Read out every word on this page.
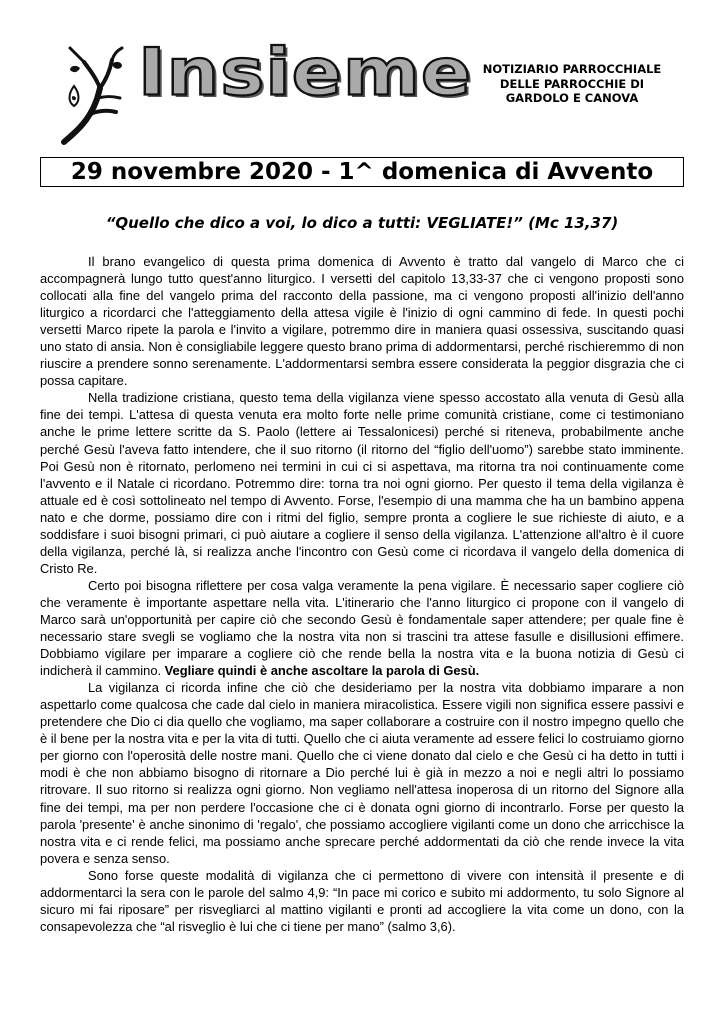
Insieme NOTIZIARIO PARROCCHIALE
DELLE PARROCCHIE DI
GARDOLO E CANOVA
29 novembre 2020 - 1^ domenica di Avvento
“Quello che dico a voi, lo dico a tutti: VEGLIATE!” (Mc 13,37)

Il brano evangelico di questa prima domenica di Avvento è tratto dal vangelo di Marco che ci accompagnerà lungo tutto quest'anno liturgico. I versetti del capitolo 13,33-37 che ci vengono proposti sono collocati alla fine del vangelo prima del racconto della passione, ma ci vengono proposti all'inizio dell'anno liturgico a ricordarci che l'atteggiamento della attesa vigile è l'inizio di ogni cammino di fede. In questi pochi versetti Marco ripete la parola e l'invito a vigilare, potremmo dire in maniera quasi ossessiva, suscitando quasi uno stato di ansia. Non è consigliabile leggere questo brano prima di addormentarsi, perché rischieremmo di non riuscire a prendere sonno serenamente. L'addormentarsi sembra essere considerata la peggior disgrazia che ci possa capitare.

Nella tradizione cristiana, questo tema della vigilanza viene spesso accostato alla venuta di Gesù alla fine dei tempi. L'attesa di questa venuta era molto forte nelle prime comunità cristiane, come ci testimoniano anche le prime lettere scritte da S. Paolo (lettere ai Tessalonicesi) perché si riteneva, probabilmente anche perché Gesù l'aveva fatto intendere, che il suo ritorno (il ritorno del “figlio dell'uomo”) sarebbe stato imminente. Poi Gesù non è ritornato, perlomeno nei termini in cui ci si aspettava, ma ritorna tra noi continuamente come l'avvento e il Natale ci ricordano. Potremmo dire: torna tra noi ogni giorno. Per questo il tema della vigilanza è attuale ed è così sottolineato nel tempo di Avvento. Forse, l'esempio di una mamma che ha un bambino appena nato e che dorme, possiamo dire con i ritmi del figlio, sempre pronta a cogliere le sue richieste di aiuto, e a soddisfare i suoi bisogni primari, ci può aiutare a cogliere il senso della vigilanza. L'attenzione all'altro è il cuore della vigilanza, perché là, si realizza anche l'incontro con Gesù come ci ricordava il vangelo della domenica di Cristo Re.

Certo poi bisogna riflettere per cosa valga veramente la pena vigilare. È necessario saper cogliere ciò che veramente è importante aspettare nella vita. L'itinerario che l'anno liturgico ci propone con il vangelo di Marco sarà un'opportunità per capire ciò che secondo Gesù è fondamentale saper attendere; per quale fine è necessario stare svegli se vogliamo che la nostra vita non si trascini tra attese fasulle e disillusioni effimere. Dobbiamo vigilare per imparare a cogliere ciò che rende bella la nostra vita e la buona notizia di Gesù ci indicherà il cammino. Vegliare quindi è anche ascoltare la parola di Gesù.

La vigilanza ci ricorda infine che ciò che desideriamo per la nostra vita dobbiamo imparare a non aspettarlo come qualcosa che cade dal cielo in maniera miracolistica. Essere vigili non significa essere passivi e pretendere che Dio ci dia quello che vogliamo, ma saper collaborare a costruire con il nostro impegno quello che è il bene per la nostra vita e per la vita di tutti. Quello che ci aiuta veramente ad essere felici lo costruiamo giorno per giorno con l'operosità delle nostre mani. Quello che ci viene donato dal cielo e che Gesù ci ha detto in tutti i modi è che non abbiamo bisogno di ritornare a Dio perché lui è già in mezzo a noi e negli altri lo possiamo ritrovare. Il suo ritorno si realizza ogni giorno. Non vegliamo nell'attesa inoperosa di un ritorno del Signore alla fine dei tempi, ma per non perdere l'occasione che ci è donata ogni giorno di incontrarlo. Forse per questo la parola 'presente' è anche sinonimo di 'regalo', che possiamo accogliere vigilanti come un dono che arricchisce la nostra vita e ci rende felici, ma possiamo anche sprecare perché addormentati da ciò che rende invece la vita povera e senza senso.

Sono forse queste modalità di vigilanza che ci permettono di vivere con intensità il presente e di addormentarci la sera con le parole del salmo 4,9: “In pace mi corico e subito mi addormento, tu solo Signore al sicuro mi fai riposare” per risvegliarci al mattino vigilanti e pronti ad accogliere la vita come un dono, con la consapevolezza che “al risveglio è lui che ci tiene per mano” (salmo 3,6).
